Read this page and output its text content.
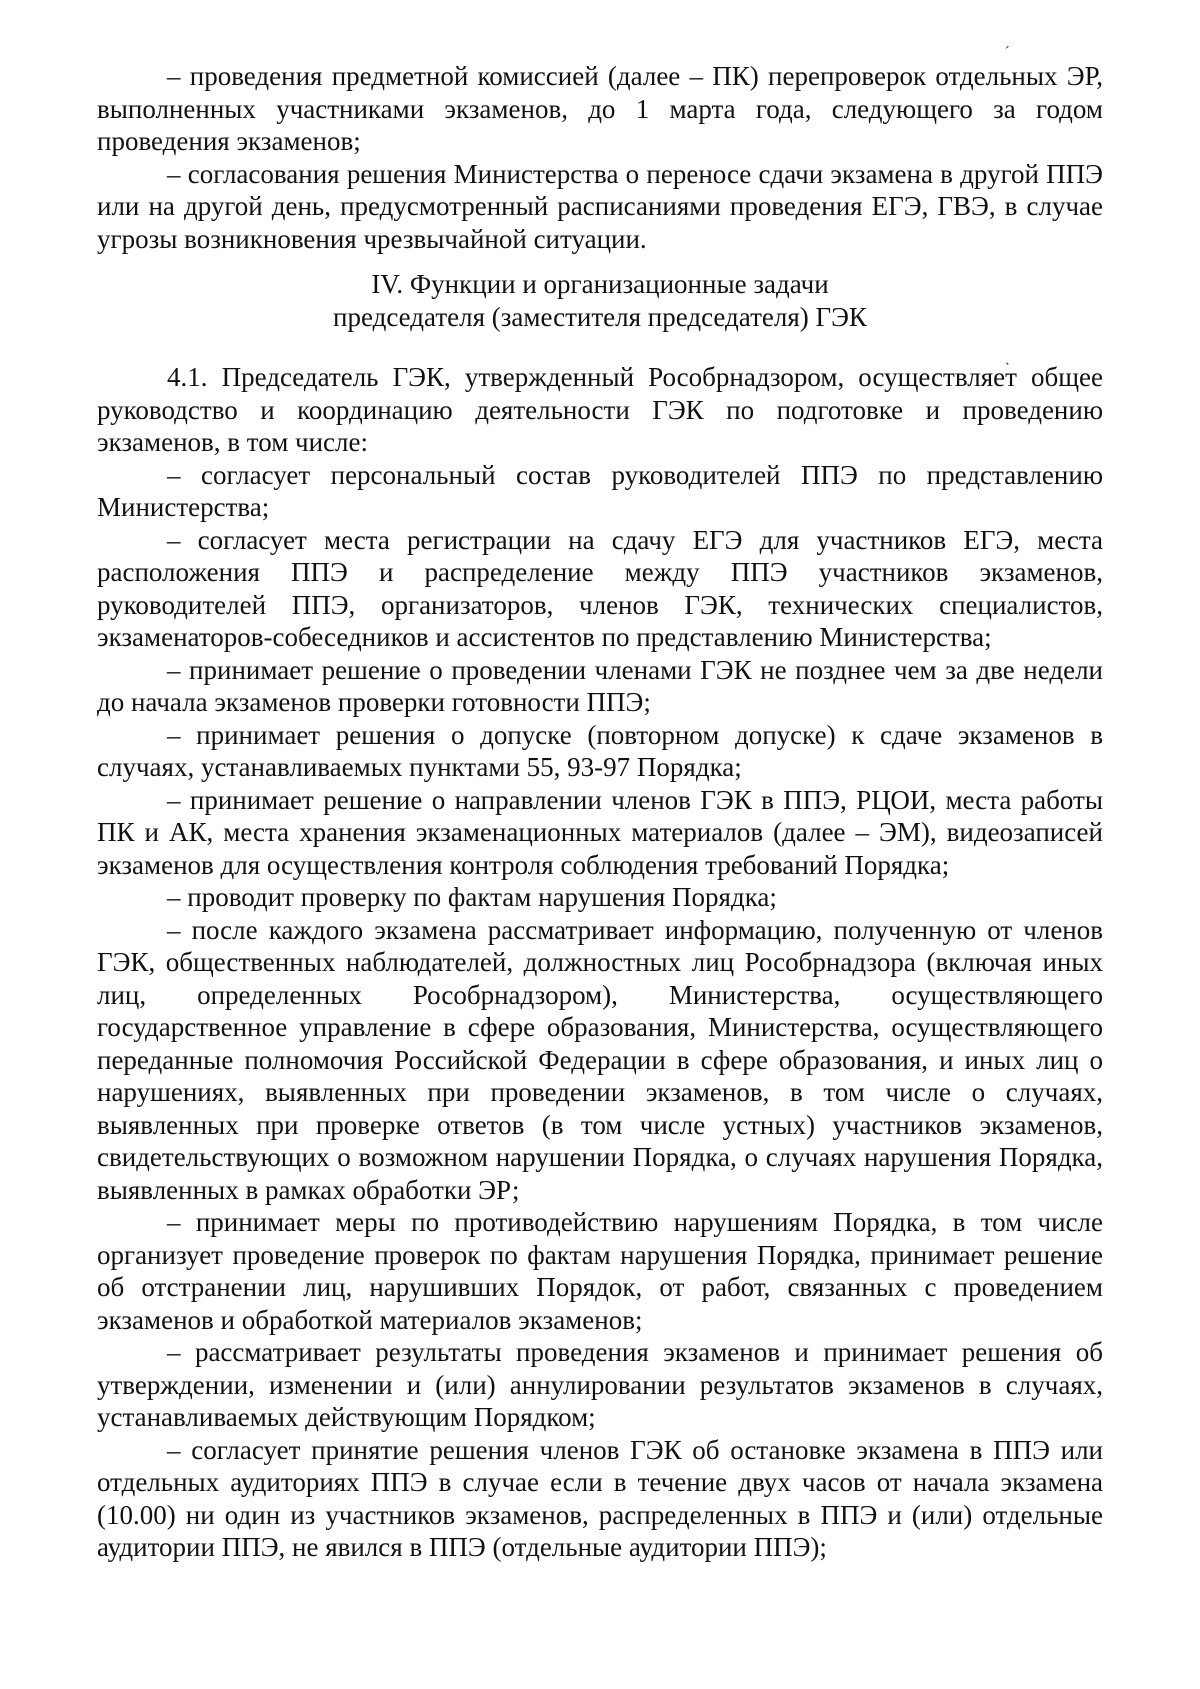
´

– проведения предметной комиссией (далее – ПК) перепроверок отдельных ЭР, выполненных участниками экзаменов, до 1 марта года, следующего за годом проведения экзаменов;

– согласования решения Министерства о переносе сдачи экзамена в другой ППЭ или на другой день, предусмотренный расписаниями проведения ЕГЭ, ГВЭ, в случае угрозы возникновения чрезвычайной ситуации.

IV. Функции и организационные задачи

председателя (заместителя председателя) ГЭК

ˎ

4.1. Председатель ГЭК, утвержденный Рособрнадзором, осуществляет общее руководство и координацию деятельности ГЭК по подготовке и проведению экзаменов, в том числе:

– согласует персональный состав руководителей ППЭ по представлению Министерства;

– согласует места регистрации на сдачу ЕГЭ для участников ЕГЭ, места расположения ППЭ и распределение между ППЭ участников экзаменов, руководителей ППЭ, организаторов, членов ГЭК, технических специалистов, экзаменаторов-собеседников и ассистентов по представлению Министерства;

– принимает решение о проведении членами ГЭК не позднее чем за две недели до начала экзаменов проверки готовности ППЭ;

– принимает решения о допуске (повторном допуске) к сдаче экзаменов в случаях, устанавливаемых пунктами 55, 93-97 Порядка;

– принимает решение о направлении членов ГЭК в ППЭ, РЦОИ, места работы ПК и АК, места хранения экзаменационных материалов (далее – ЭМ), видеозаписей экзаменов для осуществления контроля соблюдения требований Порядка;

– проводит проверку по фактам нарушения Порядка;

– после каждого экзамена рассматривает информацию, полученную от членов ГЭК, общественных наблюдателей, должностных лиц Рособрнадзора (включая иных лиц, определенных Рособрнадзором), Министерства, осуществляющего государственное управление в сфере образования, Министерства, осуществляющего переданные полномочия Российской Федерации в сфере образования, и иных лиц о нарушениях, выявленных при проведении экзаменов, в том числе о случаях, выявленных при проверке ответов (в том числе устных) участников экзаменов, свидетельствующих о возможном нарушении Порядка, о случаях нарушения Порядка, выявленных в рамках обработки ЭР;

– принимает меры по противодействию нарушениям Порядка, в том числе организует проведение проверок по фактам нарушения Порядка, принимает решение об отстранении лиц, нарушивших Порядок, от работ, связанных с проведением экзаменов и обработкой материалов экзаменов;

– рассматривает результаты проведения экзаменов и принимает решения об утверждении, изменении и (или) аннулировании результатов экзаменов в случаях, устанавливаемых действующим Порядком;

– согласует принятие решения членов ГЭК об остановке экзамена в ППЭ или отдельных аудиториях ППЭ в случае если в течение двух часов от начала экзамена (10.00) ни один из участников экзаменов, распределенных в ППЭ и (или) отдельные аудитории ППЭ, не явился в ППЭ (отдельные аудитории ППЭ);
